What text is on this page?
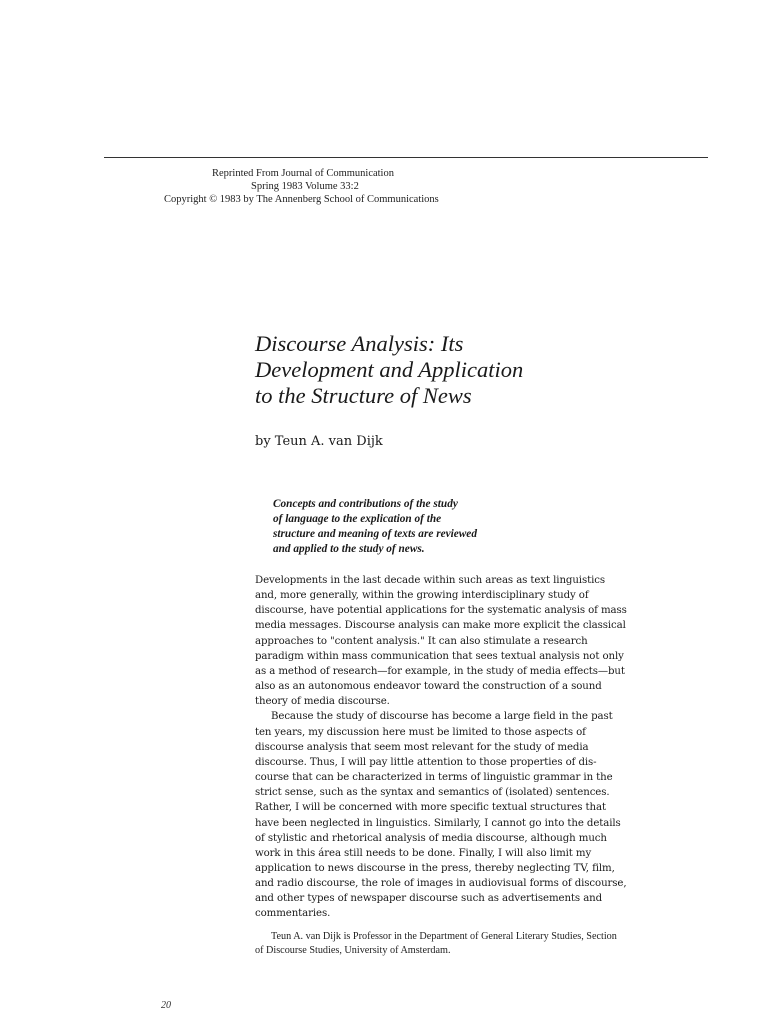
Reprinted From Journal of Communication
Spring 1983 Volume 33:2
Copyright © 1983 by The Annenberg School of Communications
Discourse Analysis: Its
Development and Application
to the Structure of News
by Teun A. van Dijk
Concepts and contributions of the study
of language to the explication of the
structure and meaning of texts are reviewed
and applied to the study of news.
Developments in the last decade within such areas as text linguistics
and, more generally, within the growing interdisciplinary study of
discourse, have potential applications for the systematic analysis of mass
media messages. Discourse analysis can make more explicit the classical
approaches to "content analysis." It can also stimulate a research
paradigm within mass communication that sees textual analysis not only
as a method of research—for example, in the study of media effects—but
also as an autonomous endeavor toward the construction of a sound
theory of media discourse.
Because the study of discourse has become a large field in the past
ten years, my discussion here must be limited to those aspects of
discourse analysis that seem most relevant for the study of media
discourse. Thus, I will pay little attention to those properties of dis-
course that can be characterized in terms of linguistic grammar in the
strict sense, such as the syntax and semantics of (isolated) sentences.
Rather, I will be concerned with more specific textual structures that
have been neglected in linguistics. Similarly, I cannot go into the details
of stylistic and rhetorical analysis of media discourse, although much
work in this área still needs to be done. Finally, I will also limit my
application to news discourse in the press, thereby neglecting TV, film,
and radio discourse, the role of images in audiovisual forms of discourse,
and other types of newspaper discourse such as advertisements and
commentaries.
Teun A. van Dijk is Professor in the Department of General Literary Studies, Section
of Discourse Studies, University of Amsterdam.
20
